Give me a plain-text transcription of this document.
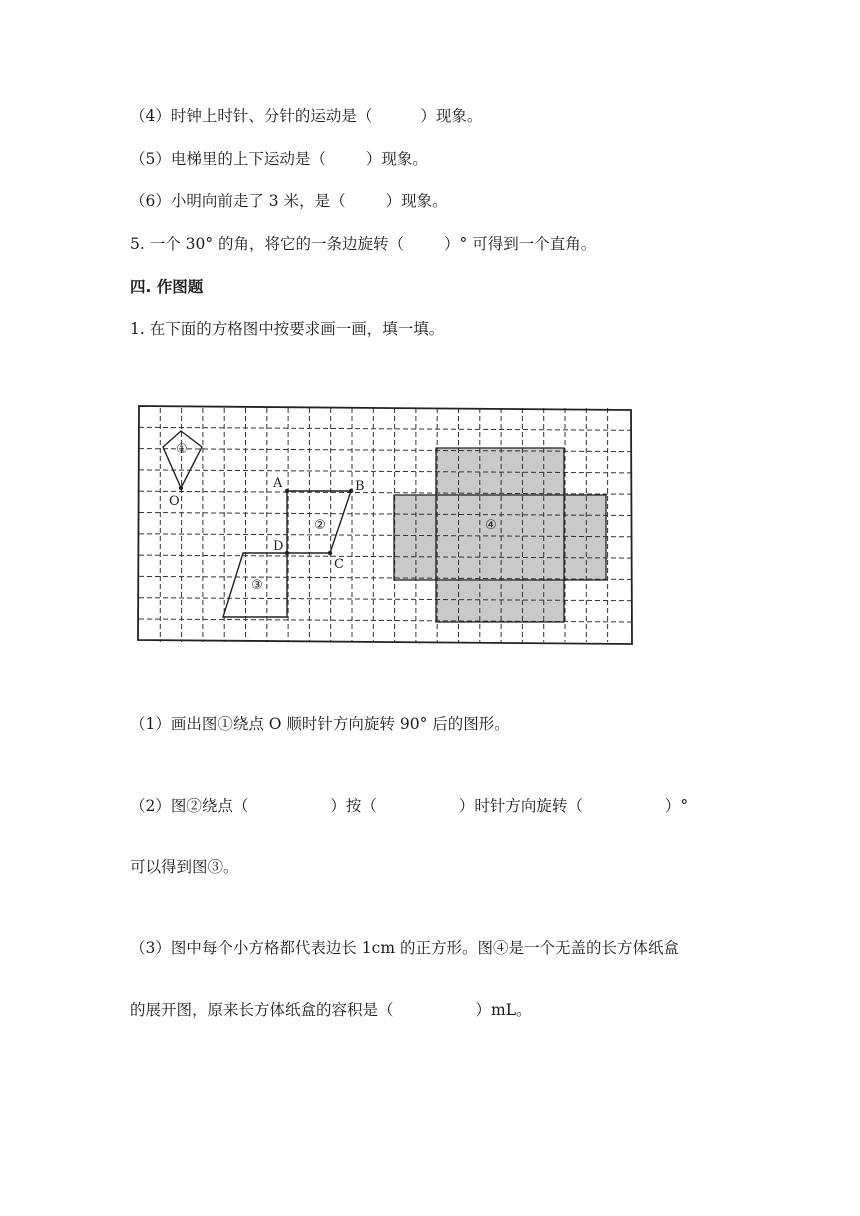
（4）时钟上时针、分针的运动是（	）现象。
（5）电梯里的上下运动是（	）现象。
（6）小明向前走了 3 米，是（	）现象。
5. 一个 30° 的角，将它的一条边旋转（	）° 可得到一个直角。
四. 作图题
1. 在下面的方格图中按要求画一画，填一填。
①
②
③
④
O
A	B
C
D
（1）画出图①绕点 O 顺时针方向旋转 90° 后的图形。
（2）图②绕点（	）按（	）时针方向旋转（	）°
可以得到图③。
（3）图中每个小方格都代表边长 1cm 的正方形。图④是一个无盖的长方体纸盒
的展开图，原来长方体纸盒的容积是（	）mL。
